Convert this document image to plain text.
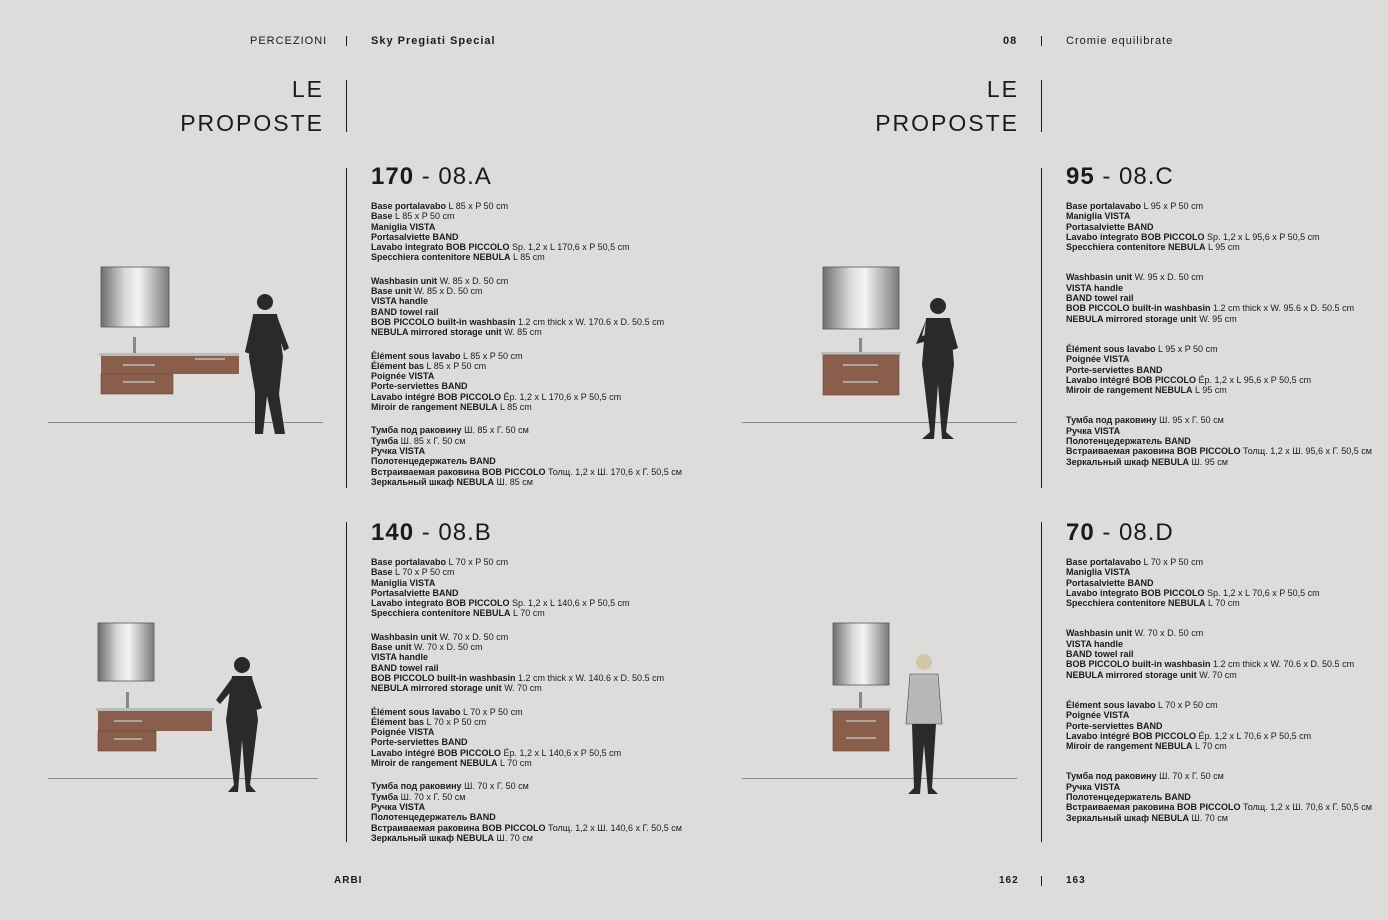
PERCEZIONI	Sky Pregiati Special	08	Cromie equilibrate
LE
PROPOSTE
LE
PROPOSTE
170 - 08.A
Base portalavabo L 85 x P 50 cm
Base L 85 x P 50 cm
Maniglia VISTA
Portasalviette BAND
Lavabo integrato BOB PICCOLO Sp. 1,2 x L 170,6 x P 50,5 cm
Specchiera contenitore NEBULA L 85 cm
Washbasin unit W. 85 x D. 50 cm
Base unit W. 85 x D. 50 cm
VISTA handle
BAND towel rail
BOB PICCOLO built-in washbasin 1.2 cm thick x W. 170.6 x D. 50.5 cm
NEBULA mirrored storage unit W. 85 cm
Élément sous lavabo L 85 x P 50 cm
Élément bas L 85 x P 50 cm
Poignée VISTA
Porte-serviettes BAND
Lavabo intégré BOB PICCOLO Ép. 1,2 x L 170,6 x P 50,5 cm
Miroir de rangement NEBULA L 85 cm
Тумба под раковину Ш. 85 x Г. 50 см
Тумба Ш. 85 x Г. 50 см
Ручка VISTA
Полотенцедержатель BAND
Встраиваемая раковина BOB PICCOLO Толщ. 1,2 x Ш. 170,6 x Г. 50,5 см
Зеркальный шкаф NEBULA Ш. 85 см
140 - 08.B
Base portalavabo L 70 x P 50 cm
Base L 70 x P 50 cm
Maniglia VISTA
Portasalviette BAND
Lavabo integrato BOB PICCOLO Sp. 1,2 x L 140,6 x P 50,5 cm
Specchiera contenitore NEBULA L 70 cm
Washbasin unit W. 70 x D. 50 cm
Base unit W. 70 x D. 50 cm
VISTA handle
BAND towel rail
BOB PICCOLO built-in washbasin 1.2 cm thick x W. 140.6 x D. 50.5 cm
NEBULA mirrored storage unit W. 70 cm
Élément sous lavabo L 70 x P 50 cm
Élément bas L 70 x P 50 cm
Poignée VISTA
Porte-serviettes BAND
Lavabo intégré BOB PICCOLO Ép. 1,2 x L 140,6 x P 50,5 cm
Miroir de rangement NEBULA L 70 cm
Тумба под раковину Ш. 70 x Г. 50 см
Тумба Ш. 70 x Г. 50 см
Ручка VISTA
Полотенцедержатель BAND
Встраиваемая раковина BOB PICCOLO Толщ. 1,2 x Ш. 140,6 x Г. 50,5 см
Зеркальный шкаф NEBULA Ш. 70 см
95 - 08.C
Base portalavabo L 95 x P 50 cm
Maniglia VISTA
Portasalviette BAND
Lavabo integrato BOB PICCOLO Sp. 1,2 x L 95,6 x P 50,5 cm
Specchiera contenitore NEBULA L 95 cm
Washbasin unit W. 95 x D. 50 cm
VISTA handle
BAND towel rail
BOB PICCOLO built-in washbasin 1.2 cm thick x W. 95.6 x D. 50.5 cm
NEBULA mirrored storage unit W. 95 cm
Élément sous lavabo L 95 x P 50 cm
Poignée VISTA
Porte-serviettes BAND
Lavabo intégré BOB PICCOLO Ép. 1,2 x L 95,6 x P 50,5 cm
Miroir de rangement NEBULA L 95 cm
Тумба под раковину Ш. 95 x Г. 50 см
Ручка VISTA
Полотенцедержатель BAND
Встраиваемая раковина BOB PICCOLO Толщ. 1,2 x Ш. 95,6 x Г. 50,5 см
Зеркальный шкаф NEBULA Ш. 95 см
70 - 08.D
Base portalavabo L 70 x P 50 cm
Maniglia VISTA
Portasalviette BAND
Lavabo integrato BOB PICCOLO Sp. 1,2 x L 70,6 x P 50,5 cm
Specchiera contenitore NEBULA L 70 cm
Washbasin unit W. 70 x D. 50 cm
VISTA handle
BAND towel rail
BOB PICCOLO built-in washbasin 1.2 cm thick x W. 70.6 x D. 50.5 cm
NEBULA mirrored storage unit W. 70 cm
Élément sous lavabo L 70 x P 50 cm
Poignée VISTA
Porte-serviettes BAND
Lavabo intégré BOB PICCOLO Ép. 1,2 x L 70,6 x P 50,5 cm
Miroir de rangement NEBULA L 70 cm
Тумба под раковину Ш. 70 x Г. 50 см
Ручка VISTA
Полотенцедержатель BAND
Встраиваемая раковина BOB PICCOLO Толщ. 1,2 x Ш. 70,6 x Г. 50,5 см
Зеркальный шкаф NEBULA Ш. 70 см
ARBI	162	163
